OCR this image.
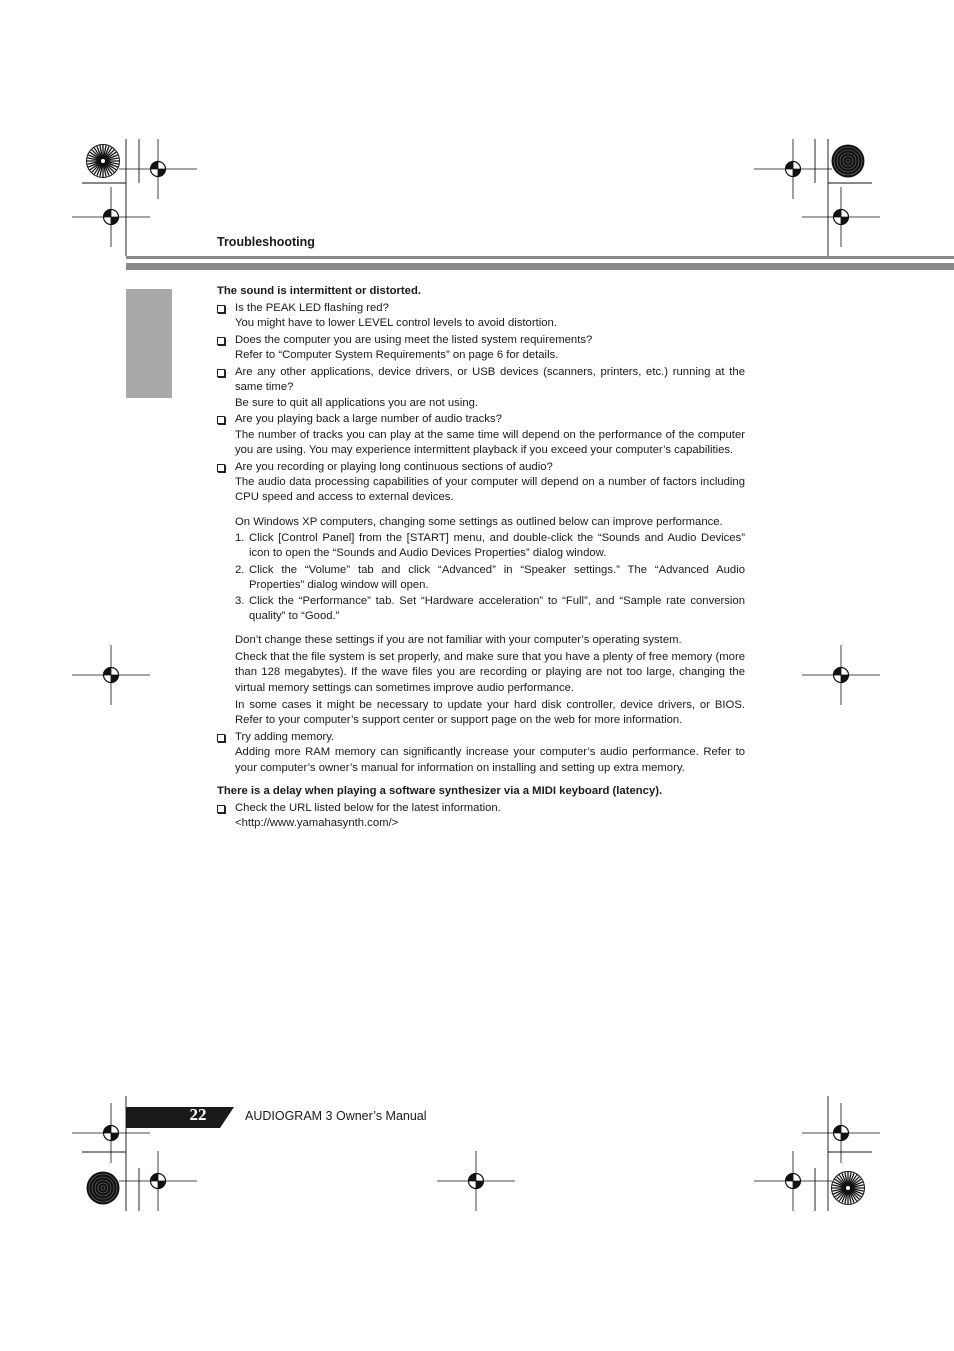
Troubleshooting
The sound is intermittent or distorted.

Is the PEAK LED flashing red?

You might have to lower LEVEL control levels to avoid distortion.

Does the computer you are using meet the listed system requirements?

Refer to “Computer System Requirements” on page 6 for details.

Are any other applications, device drivers, or USB devices (scanners, printers, etc.) running at the same time?

Be sure to quit all applications you are not using.

Are you playing back a large number of audio tracks?

The number of tracks you can play at the same time will depend on the performance of the computer you are using. You may experience intermittent playback if you exceed your computer’s capabilities.

Are you recording or playing long continuous sections of audio?

The audio data processing capabilities of your computer will depend on a number of factors including CPU speed and access to external devices.

On Windows XP computers, changing some settings as outlined below can improve performance.

1. Click [Control Panel] from the [START] menu, and double-click the “Sounds and Audio Devices” icon to open the “Sounds and Audio Devices Properties” dialog window.
2. Click the “Volume” tab and click “Advanced” in “Speaker settings.” The “Advanced Audio Properties” dialog window will open.
3. Click the “Performance” tab. Set “Hardware acceleration” to “Full”, and “Sample rate conversion quality” to “Good.”

Don’t change these settings if you are not familiar with your computer’s operating system.

Check that the file system is set properly, and make sure that you have a plenty of free memory (more than 128 megabytes). If the wave files you are recording or playing are not too large, changing the virtual memory settings can sometimes improve audio performance.

In some cases it might be necessary to update your hard disk controller, device drivers, or BIOS. Refer to your computer’s support center or support page on the web for more information.

Try adding memory.

Adding more RAM memory can significantly increase your computer’s audio performance. Refer to your computer’s owner’s manual for information on installing and setting up extra memory.

There is a delay when playing a software synthesizer via a MIDI keyboard (latency).

Check the URL listed below for the latest information.

<http://www.yamahasynth.com/>

22	AUDIOGRAM 3 Owner’s Manual
